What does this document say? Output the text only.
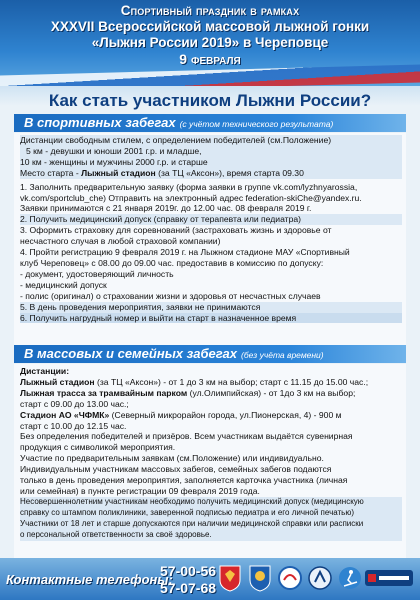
Спортивный праздник в рамках
XXXVII Всероссийской массовой лыжной гонки
«Лыжня России 2019» в Череповце
9 февраля
Как стать участником Лыжни России?
В спортивных забегах (с учётом технического результата)
Дистанции свободным стилем, с определением победителей (см.Положение)
5 км - девушки и юноши 2001 г.р. и младше,
10 км - женщины и мужчины 2000 г.р. и старше
Место старта - Лыжный стадион (за ТЦ «Аксон»), время старта 09.30
1. Заполнить предварительную заявку (форма заявки в группе vk.com/lyzhnyarossia,
vk.com/sportclub_che) Отправить на электронный адрес federation-skiChe@yandex.ru.
Заявки принимаются с 21 января 2019г. до 12.00 час. 08 февраля 2019 г.
2. Получить медицинский допуск (справку от терапевта или педиатра)
3. Оформить страховку для соревнований (застраховать жизнь и здоровье от
несчастного случая в любой страховой компании)
4. Пройти регистрацию 9 февраля 2019 г. на Лыжном стадионе МАУ «Спортивный
клуб Череповец» с 08.00 до 09.00 час. предоставив в комиссию по допуску:
- документ, удостоверяющий личность
- медицинский допуск
- полис (оригинал) о страховании жизни и здоровья от несчастных случаев
5. В день проведения мероприятия, заявки не принимаются
6. Получить нагрудный номер и выйти на старт в назначенное время
В массовых и семейных забегах (без учёта времени)
Дистанции:
Лыжный стадион (за ТЦ «Аксон») - от 1 до 3 км на выбор; старт с 11.15 до 15.00 час.;
Лыжная трасса за трамвайным парком (ул.Олимпийская) - от 1до 3 км на выбор;
старт с 09.00 до 13.00 час.;
Стадион АО «ЧФМК» (Северный микрорайон города, ул.Пионерская, 4) - 900 м
старт с 10.00 до 12.15 час.
Без определения победителей и призёров. Всем участникам выдаётся сувенирная
продукция с символикой мероприятия.
Участие по предварительным заявкам (см.Положение) или индивидуально.
Индивидуальным участникам массовых забегов, семейных забегов подаются
только в день проведения мероприятия, заполняется карточка участника (личная
или семейная) в пункте регистрации 09 февраля 2019 года.
Несовершеннолетним участникам необходимо получить медицинский допуск (медицинскую
справку со штампом поликлиники, заверенной подписью педиатра и его личной печатью)
Участники от 18 лет и старше допускаются при наличии медицинской справки или расписки
о персональной ответственности за своё здоровье.
Контактные телефоны:
57-00-56
57-07-68
